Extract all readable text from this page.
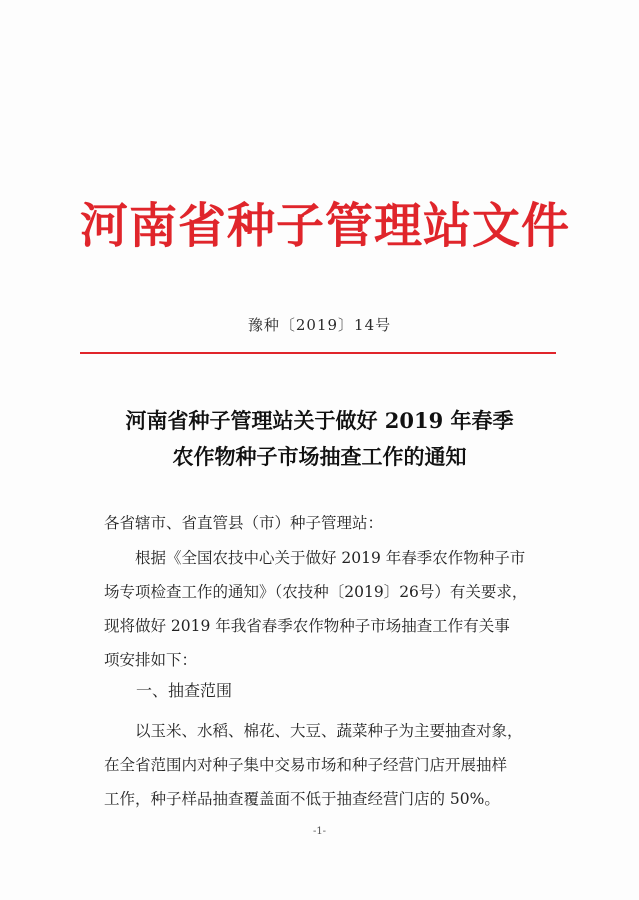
河南省种子管理站文件
豫种〔2019〕14号
河南省种子管理站关于做好 2019 年春季
农作物种子市场抽查工作的通知
各省辖市、省直管县（市）种子管理站：
　　根据《全国农技中心关于做好 2019 年春季农作物种子市
场专项检查工作的通知》（农技种〔2019〕26号）有关要求，
现将做好 2019 年我省春季农作物种子市场抽查工作有关事
项安排如下：
一、抽查范围
　　以玉米、水稻、棉花、大豆、蔬菜种子为主要抽查对象，
在全省范围内对种子集中交易市场和种子经营门店开展抽样
工作，种子样品抽查覆盖面不低于抽查经营门店的 50%。
-1-
